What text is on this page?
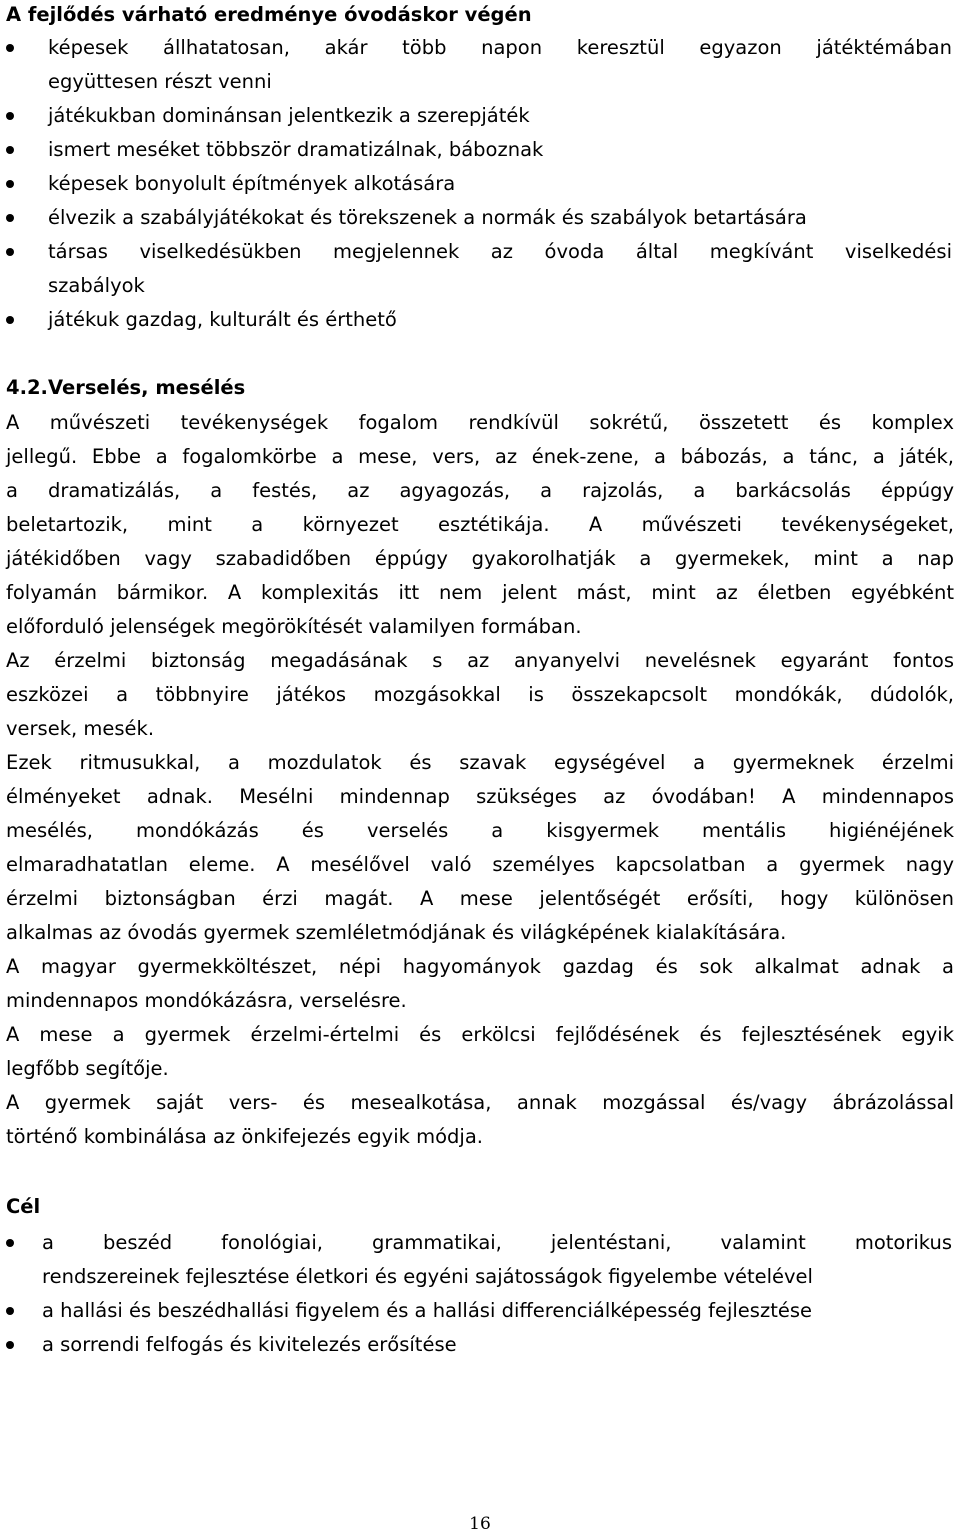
A fejlődés várható eredménye óvodáskor végén
képesek állhatatosan, akár több napon keresztül egyazon játéktémában
együttesen részt venni
játékukban dominánsan jelentkezik a szerepjáték
ismert meséket többször dramatizálnak, báboznak
képesek bonyolult építmények alkotására
élvezik a szabályjátékokat és törekszenek a normák és szabályok betartására
társas viselkedésükben megjelennek az óvoda által megkívánt viselkedési
szabályok
játékuk gazdag, kulturált és érthető
4.2.Verselés, mesélés
A művészeti tevékenységek fogalom rendkívül sokrétű, összetett és komplex
jellegű. Ebbe a fogalomkörbe a mese, vers, az ének-zene, a bábozás, a tánc, a játék,
a dramatizálás, a festés, az agyagozás, a rajzolás, a barkácsolás éppúgy
beletartozik, mint a környezet esztétikája. A művészeti tevékenységeket,
játékidőben vagy szabadidőben éppúgy gyakorolhatják a gyermekek, mint a nap
folyamán bármikor. A komplexitás itt nem jelent mást, mint az életben egyébként
előforduló jelenségek megörökítését valamilyen formában.
Az érzelmi biztonság megadásának s az anyanyelvi nevelésnek egyaránt fontos
eszközei a többnyire játékos mozgásokkal is összekapcsolt mondókák, dúdolók,
versek, mesék.
Ezek ritmusukkal, a mozdulatok és szavak egységével a gyermeknek érzelmi
élményeket adnak. Mesélni mindennap szükséges az óvodában! A mindennapos
mesélés, mondókázás és verselés a kisgyermek mentális higiénéjének
elmaradhatatlan eleme. A mesélővel való személyes kapcsolatban a gyermek nagy
érzelmi biztonságban érzi magát. A mese jelentőségét erősíti, hogy különösen
alkalmas az óvodás gyermek szemléletmódjának és világképének kialakítására.
A magyar gyermekköltészet, népi hagyományok gazdag és sok alkalmat adnak a
mindennapos mondókázásra, verselésre.
A mese a gyermek érzelmi-értelmi és erkölcsi fejlődésének és fejlesztésének egyik
legfőbb segítője.
A gyermek saját vers- és mesealkotása, annak mozgással és/vagy ábrázolással
történő kombinálása az önkifejezés egyik módja.
Cél
a beszéd fonológiai, grammatikai, jelentéstani, valamint motorikus
rendszereinek fejlesztése életkori és egyéni sajátosságok figyelembe vételével
a hallási és beszédhallási figyelem és a hallási differenciálképesség fejlesztése
a sorrendi felfogás és kivitelezés erősítése
16
